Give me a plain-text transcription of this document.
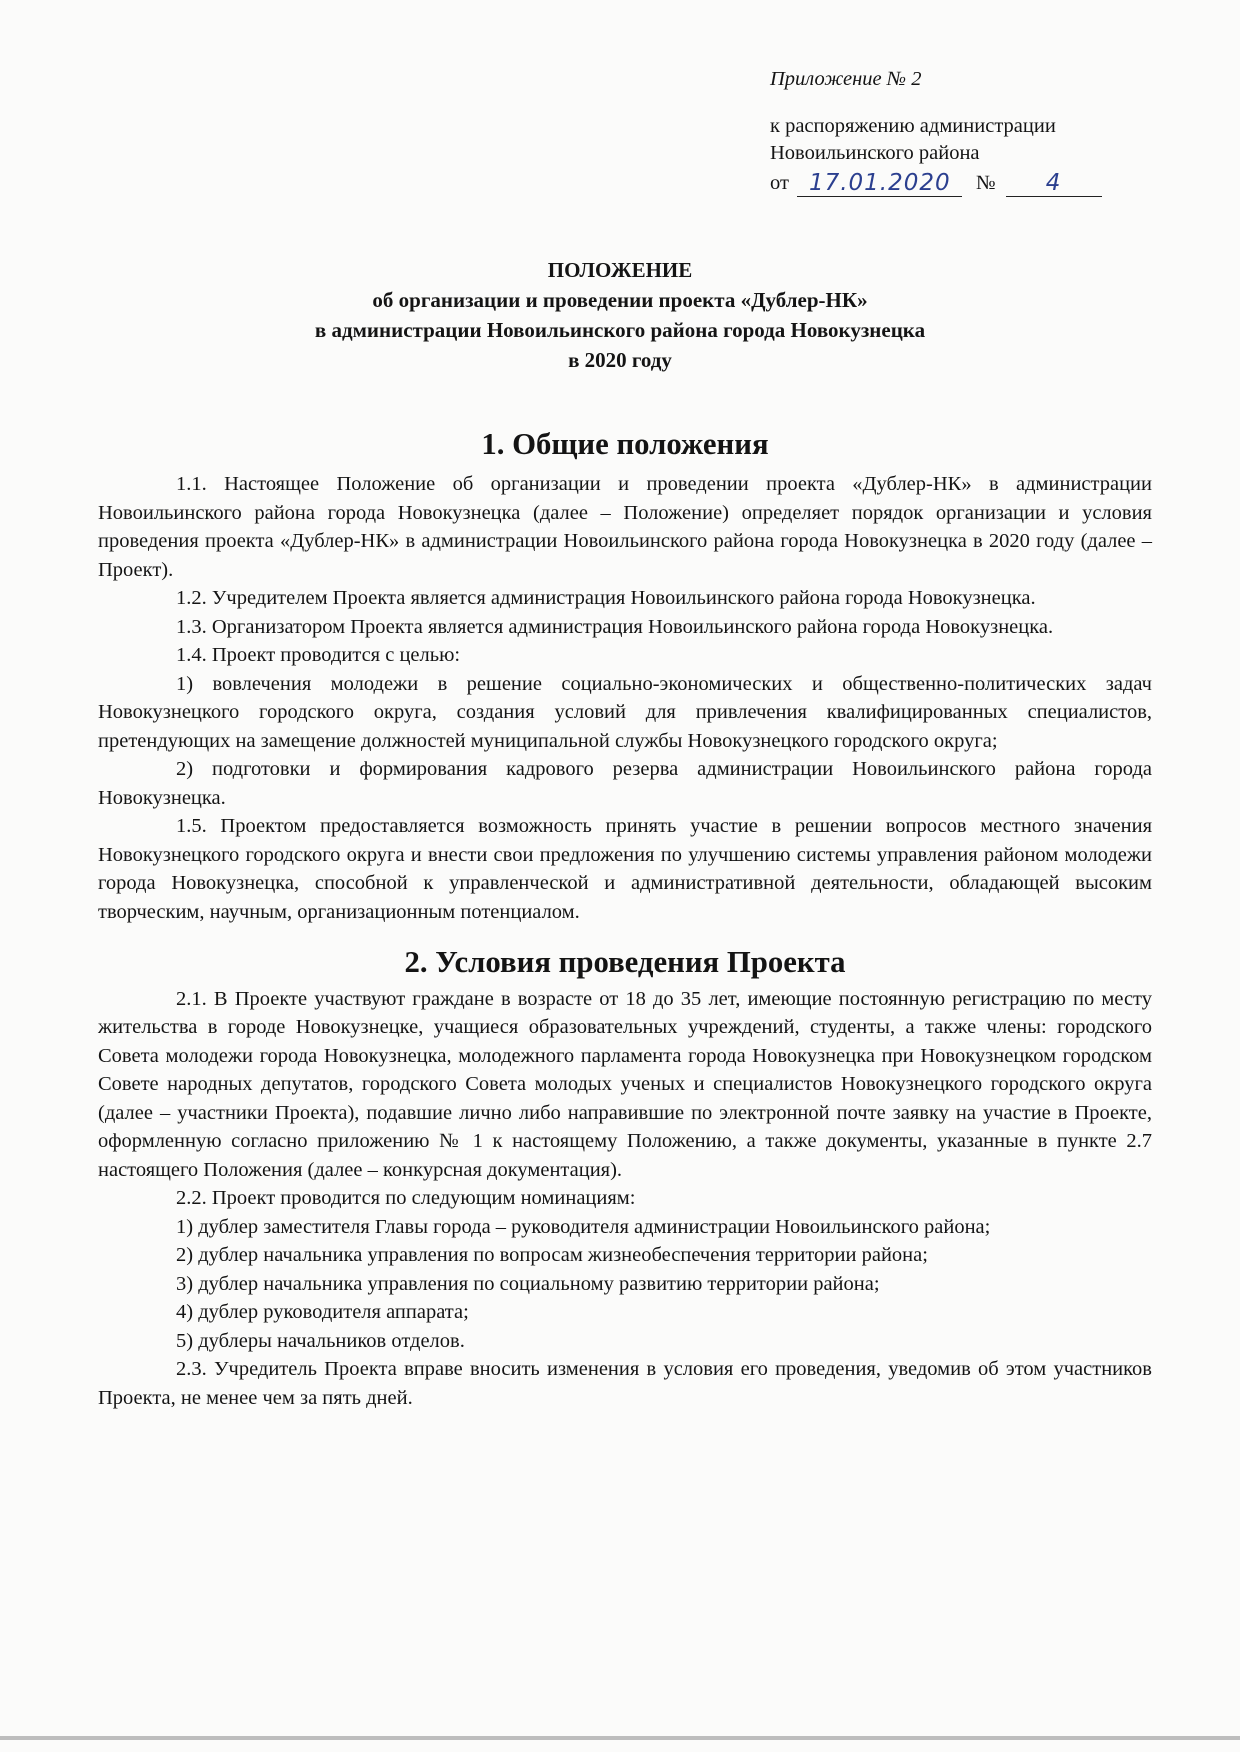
Приложение № 2
к распоряжению администрации
Новоильинского района
от 17.01.2020	№	4
ПОЛОЖЕНИЕ
об организации и проведении проекта «Дублер-НК»
в администрации Новоильинского района города Новокузнецка
в 2020 году
1. Общие положения

1.1. Настоящее Положение об организации и проведении проекта «Дублер-НК» в администрации Новоильинского района города Новокузнецка (далее – Положение) определяет порядок организации и условия проведения проекта «Дублер-НК» в администрации Новоильинского района города Новокузнецка в 2020 году (далее – Проект).

1.2. Учредителем Проекта является администрация Новоильинского района города Новокузнецка.

1.3. Организатором Проекта является администрация Новоильинского района города Новокузнецка.

1.4. Проект проводится с целью:

1) вовлечения молодежи в решение социально-экономических и общественно-политических задач Новокузнецкого городского округа, создания условий для привлечения квалифицированных специалистов, претендующих на замещение должностей муниципальной службы Новокузнецкого городского округа;

2) подготовки и формирования кадрового резерва администрации Новоильинского района города Новокузнецка.

1.5. Проектом предоставляется возможность принять участие в решении вопросов местного значения Новокузнецкого городского округа и внести свои предложения по улучшению системы управления районом молодежи города Новокузнецка, способной к управленческой и административной деятельности, обладающей высоким творческим, научным, организационным потенциалом.

2. Условия проведения Проекта

2.1. В Проекте участвуют граждане в возрасте от 18 до 35 лет, имеющие постоянную регистрацию по месту жительства в городе Новокузнецке, учащиеся образовательных учреждений, студенты, а также члены: городского Совета молодежи города Новокузнецка, молодежного парламента города Новокузнецка при Новокузнецком городском Совете народных депутатов, городского Совета молодых ученых и специалистов Новокузнецкого городского округа (далее – участники Проекта), подавшие лично либо направившие по электронной почте заявку на участие в Проекте, оформленную согласно приложению № 1 к настоящему Положению, а также документы, указанные в пункте 2.7 настоящего Положения (далее – конкурсная документация).

2.2. Проект проводится по следующим номинациям:

1) дублер заместителя Главы города – руководителя администрации Новоильинского района;

2) дублер начальника управления по вопросам жизнеобеспечения территории района;

3) дублер начальника управления по социальному развитию территории района;

4) дублер руководителя аппарата;

5) дублеры начальников отделов.

2.3. Учредитель Проекта вправе вносить изменения в условия его проведения, уведомив об этом участников Проекта, не менее чем за пять дней.
